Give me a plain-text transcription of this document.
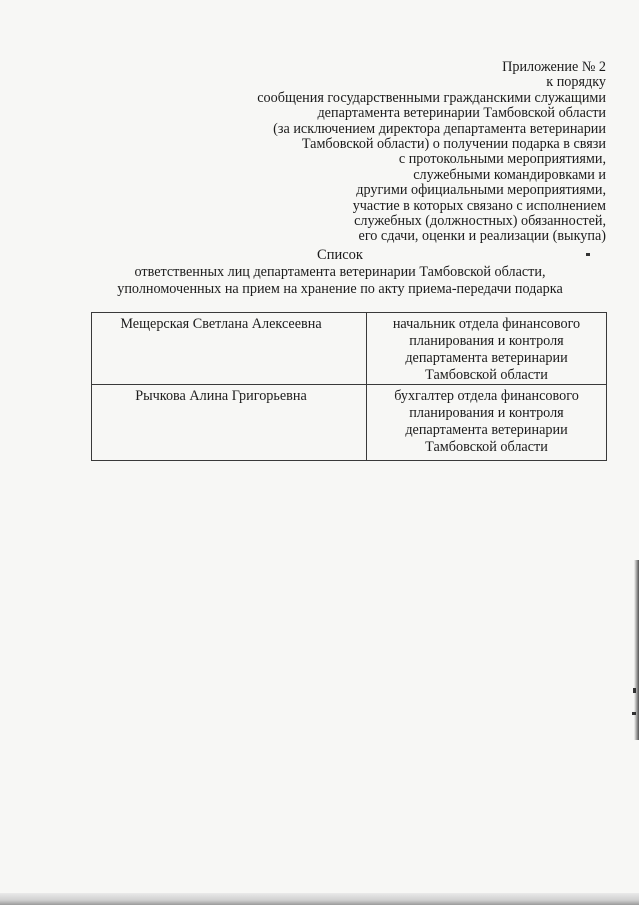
Приложение № 2
к порядку
сообщения государственными гражданскими служащими
департамента ветеринарии Тамбовской области
(за исключением директора департамента ветеринарии
Тамбовской области) о получении подарка в связи
с протокольными мероприятиями,
служебными командировками и
другими официальными мероприятиями,
участие в которых связано с исполнением
служебных (должностных) обязанностей,
его сдачи, оценки и реализации (выкупа)
Список
ответственных лиц департамента ветеринарии Тамбовской области,
уполномоченных на прием на хранение по акту приема-передачи подарка
Мещерская Светлана Алексеевна	начальник отдела финансового
планирования и контроля
департамента ветеринарии
Тамбовской области

Рычкова Алина Григорьевна	бухгалтер отдела финансового
планирования и контроля
департамента ветеринарии
Тамбовской области
